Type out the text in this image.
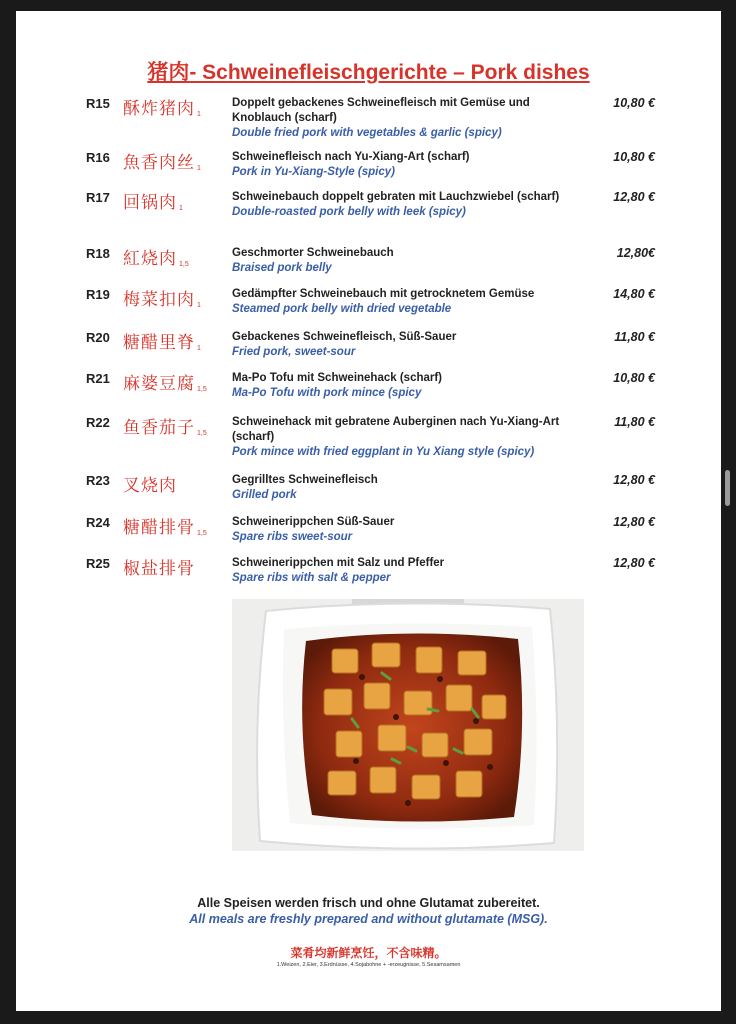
猪肉- Schweinefleischgerichte – Pork dishes
R15 酥炸猪肉 1
Doppelt gebackenes Schweinefleisch mit Gemüse und Knoblauch (scharf)
Double fried pork with vegetables & garlic (spicy)
10,80 €
R16 魚香肉丝 1
Schweinefleisch nach Yu-Xiang-Art (scharf)
Pork in Yu-Xiang-Style (spicy)
10,80 €
R17 回锅肉 1
Schweinebauch doppelt gebraten mit Lauchzwiebel (scharf)
Double-roasted pork belly with leek (spicy)
12,80 €
R18 紅烧肉 1,5
Geschmorter Schweinebauch
Braised pork belly
12,80€
R19 梅菜扣肉 1
Gedämpfter Schweinebauch mit getrocknetem Gemüse
Steamed pork belly with dried vegetable
14,80 €
R20 糖醋里脊 1
Gebackenes Schweinefleisch, Süß-Sauer
Fried pork, sweet-sour
11,80 €
R21 麻婆豆腐 1,5
Ma-Po Tofu mit Schweinehack (scharf)
Ma-Po Tofu with pork mince (spicy
10,80 €
R22 鱼香茄子 1,5
Schweinehack mit gebratene Auberginen nach Yu-Xiang-Art (scharf)
Pork mince with fried eggplant in Yu Xiang style (spicy)
11,80 €
R23 叉烧肉	Gegrilltes Schweinefleisch
Grilled pork
12,80 €
R24 糖醋排骨 1,5
Schweinerippchen Süß-Sauer
Spare ribs sweet-sour
12,80 €
R25 椒盐排骨	Schweinerippchen mit Salz und Pfeffer
Spare ribs with salt & pepper
12,80 €
Alle Speisen werden frisch und ohne Glutamat zubereitet.
All meals are freshly prepared and without glutamate (MSG).
菜肴均新鲜烹饪，不含味精。
1.Weizen, 2.Eier, 3.Erdnüsse, 4.Sojabohne + -erzeugnisse, 5.Sesamsamen
